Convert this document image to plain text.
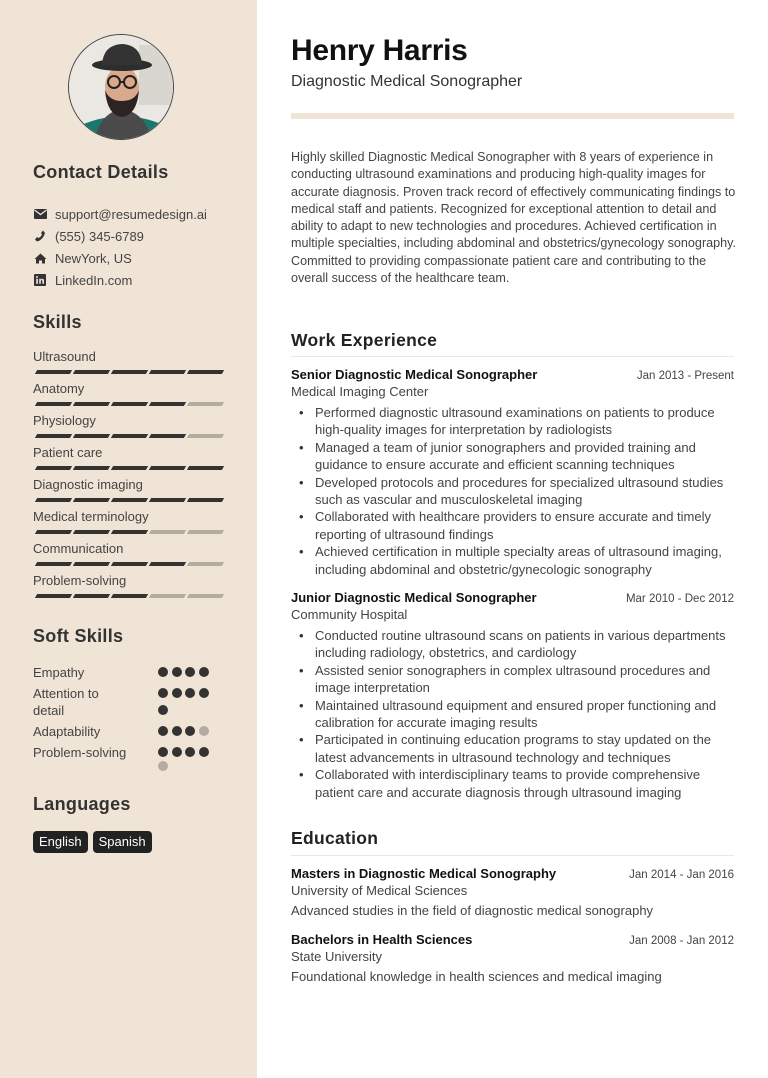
Contact Details
support@resumedesign.ai
(555) 345-6789
NewYork, US
LinkedIn.com
Skills
Ultrasound
Anatomy
Physiology
Patient care
Diagnostic imaging
Medical terminology
Communication
Problem-solving
Soft Skills
Empathy
Attention to detail
Adaptability
Problem-solving
Languages
English	Spanish
Henry Harris
Diagnostic Medical Sonographer
Highly skilled Diagnostic Medical Sonographer with 8 years of experience in conducting ultrasound examinations and producing high-quality images for accurate diagnosis. Proven track record of effectively communicating findings to medical staff and patients. Recognized for exceptional attention to detail and ability to adapt to new technologies and procedures. Achieved certification in multiple specialties, including abdominal and obstetrics/gynecology sonography. Committed to providing compassionate patient care and contributing to the overall success of the healthcare team.
Work Experience
Senior Diagnostic Medical Sonographer	Jan 2013 - Present
Medical Imaging Center
• Performed diagnostic ultrasound examinations on patients to produce high-quality images for interpretation by radiologists
• Managed a team of junior sonographers and provided training and guidance to ensure accurate and efficient scanning techniques
• Developed protocols and procedures for specialized ultrasound studies such as vascular and musculoskeletal imaging
• Collaborated with healthcare providers to ensure accurate and timely reporting of ultrasound findings
• Achieved certification in multiple specialty areas of ultrasound imaging, including abdominal and obstetric/gynecologic sonography
Junior Diagnostic Medical Sonographer	Mar 2010 - Dec 2012
Community Hospital
• Conducted routine ultrasound scans on patients in various departments including radiology, obstetrics, and cardiology
• Assisted senior sonographers in complex ultrasound procedures and image interpretation
• Maintained ultrasound equipment and ensured proper functioning and calibration for accurate imaging results
• Participated in continuing education programs to stay updated on the latest advancements in ultrasound technology and techniques
• Collaborated with interdisciplinary teams to provide comprehensive patient care and accurate diagnosis through ultrasound imaging
Education
Masters in Diagnostic Medical Sonography	Jan 2014 - Jan 2016
University of Medical Sciences
Advanced studies in the field of diagnostic medical sonography
Bachelors in Health Sciences	Jan 2008 - Jan 2012
State University
Foundational knowledge in health sciences and medical imaging
